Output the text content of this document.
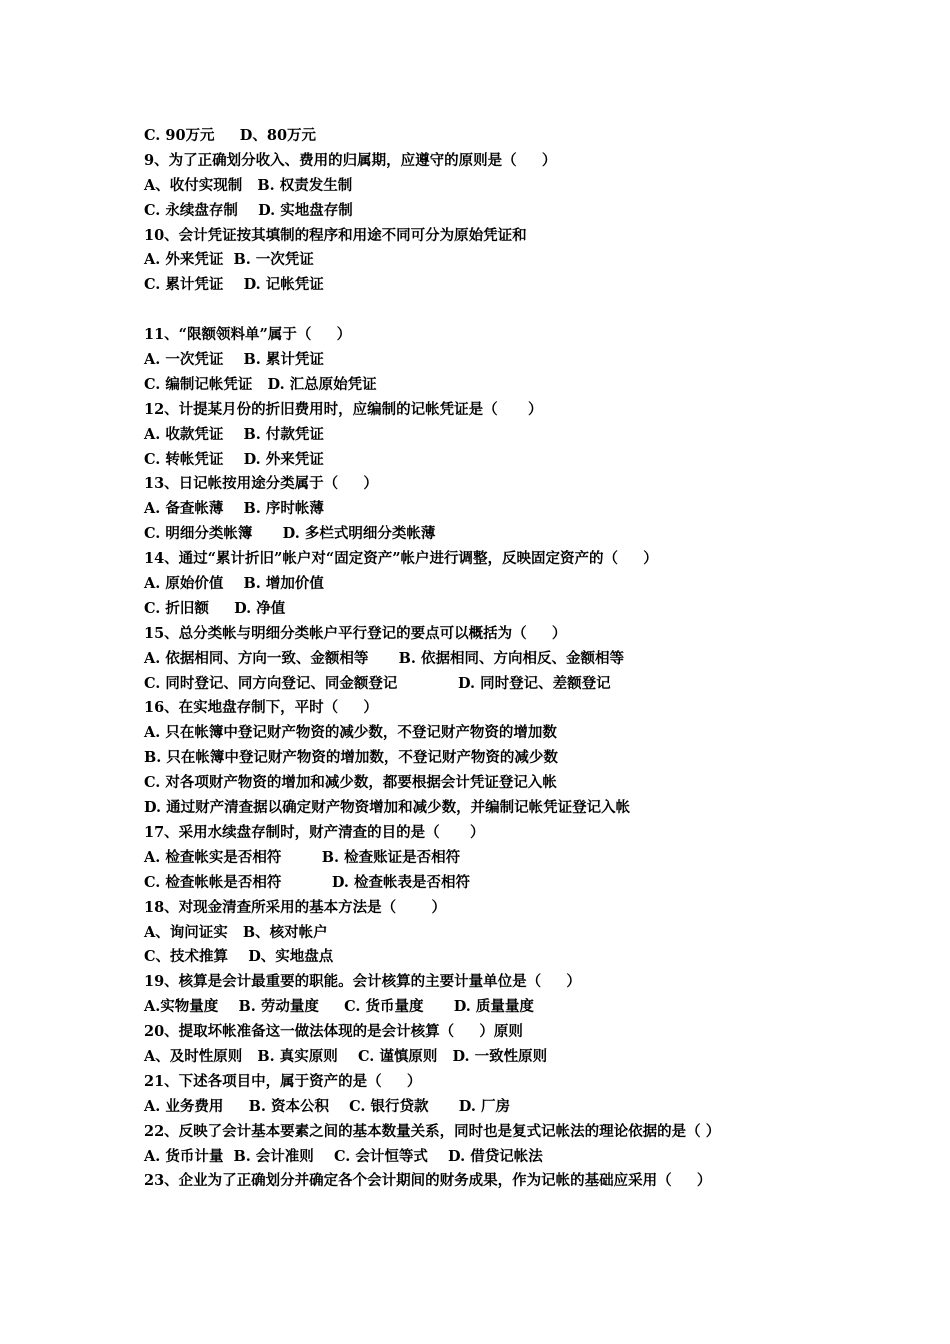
C. 90万元     D、80万元
9、为了正确划分收入、费用的归属期，应遵守的原则是（     ）
A、收付实现制   B. 权责发生制
C. 永续盘存制    D. 实地盘存制
10、会计凭证按其填制的程序和用途不同可分为原始凭证和
A. 外来凭证  B. 一次凭证
C. 累计凭证    D. 记帐凭证
11、“限额领料单”属于（     ）
A. 一次凭证    B. 累计凭证
C. 编制记帐凭证   D. 汇总原始凭证
12、计提某月份的折旧费用时，应编制的记帐凭证是（      ）
A. 收款凭证    B. 付款凭证
C. 转帐凭证    D. 外来凭证
13、日记帐按用途分类属于（     ）
A. 备查帐薄    B. 序时帐薄
C. 明细分类帐簿      D. 多栏式明细分类帐薄
14、通过“累计折旧”帐户对“固定资产”帐户进行调整，反映固定资产的（     ）
A. 原始价值    B. 增加价值
C. 折旧额     D. 净值
15、总分类帐与明细分类帐户平行登记的要点可以概括为（     ）
A. 依据相同、方向一致、金额相等      B. 依据相同、方向相反、金额相等
C. 同时登记、同方向登记、同金额登记            D. 同时登记、差额登记
16、在实地盘存制下，平时（     ）
A. 只在帐簿中登记财产物资的减少数，不登记财产物资的增加数
B. 只在帐簿中登记财产物资的增加数，不登记财产物资的减少数
C. 对各项财产物资的增加和减少数，都要根据会计凭证登记入帐
D. 通过财产清查据以确定财产物资增加和减少数，并编制记帐凭证登记入帐
17、采用水续盘存制时，财产清查的目的是（      ）
A. 检查帐实是否相符        B. 检查账证是否相符
C. 检查帐帐是否相符          D. 检查帐表是否相符
18、对现金清查所采用的基本方法是（       ）
A、询问证实   B、核对帐户
C、技术推算    D、实地盘点
19、核算是会计最重要的职能。会计核算的主要计量单位是（     ）
A.实物量度    B. 劳动量度     C. 货币量度      D. 质量量度
20、提取坏帐准备这一做法体现的是会计核算（     ）原则
A、及时性原则   B. 真实原则    C. 谨慎原则   D. 一致性原则
21、下述各项目中，属于资产的是（     ）
A. 业务费用     B. 资本公积    C. 银行贷款      D. 厂房
22、反映了会计基本要素之间的基本数量关系，同时也是复式记帐法的理论依据的是（ ）
A. 货币计量  B. 会计准则    C. 会计恒等式    D. 借贷记帐法
23、企业为了正确划分并确定各个会计期间的财务成果，作为记帐的基础应采用（     ）
